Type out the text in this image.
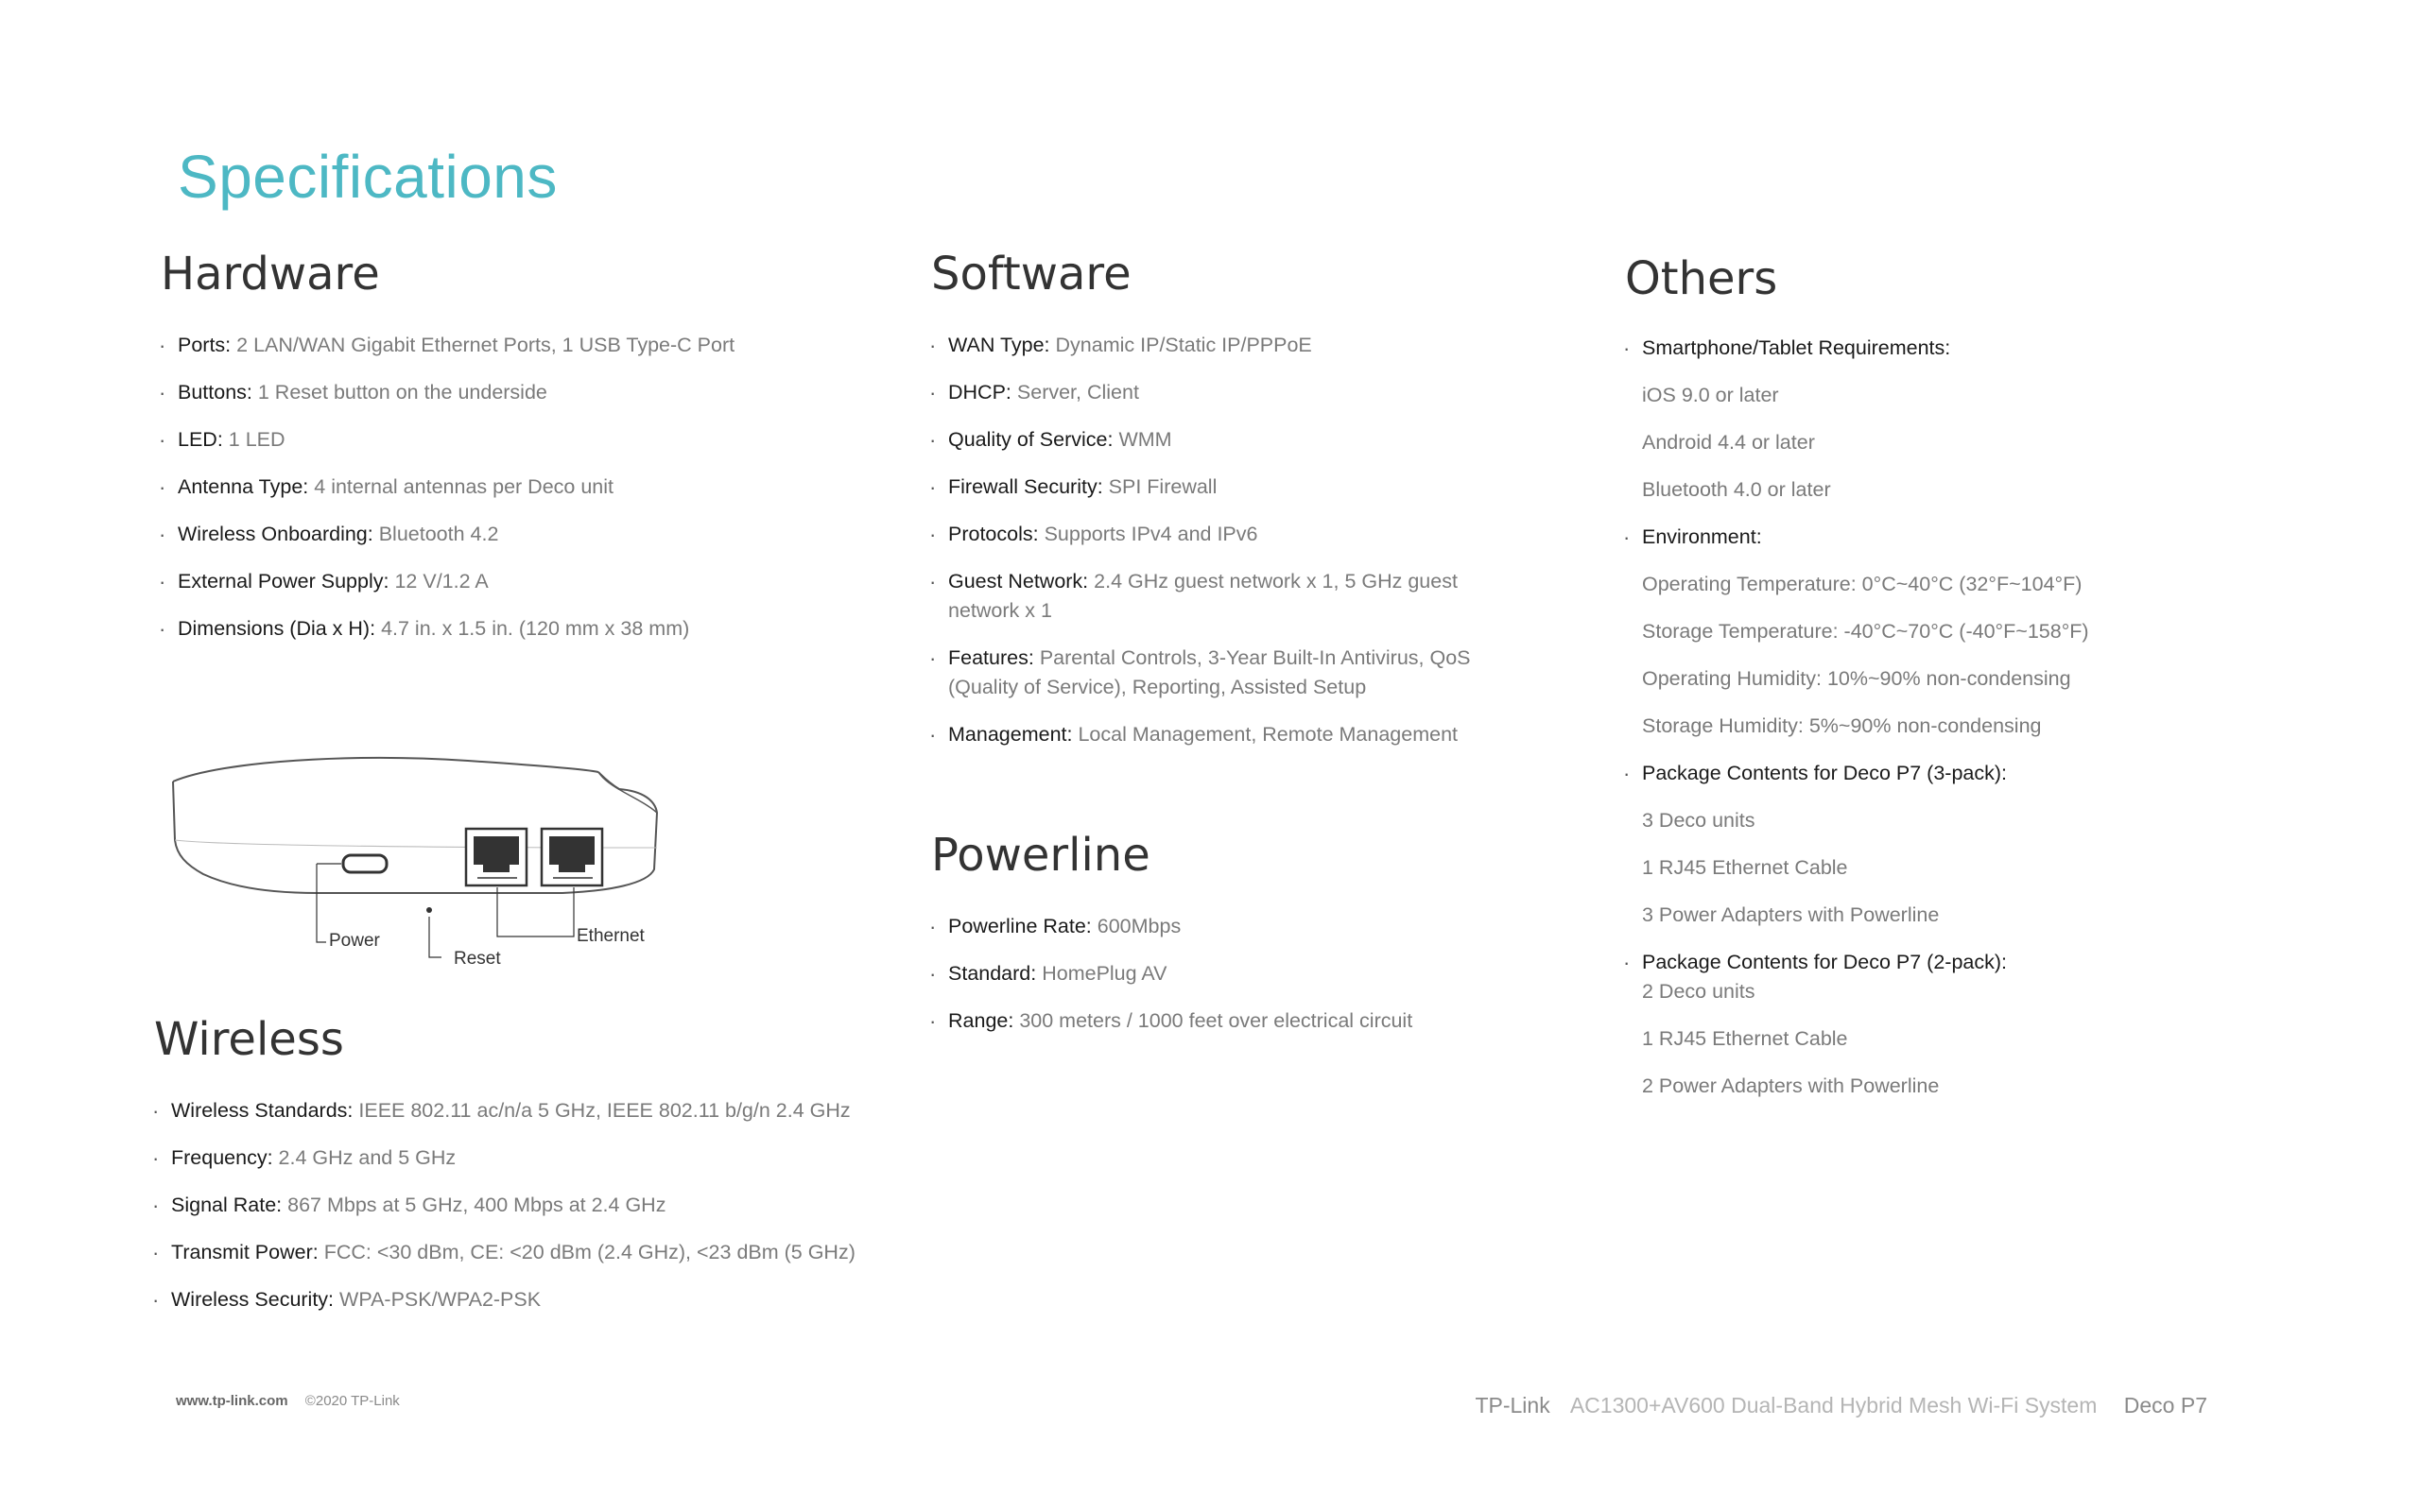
Specifications
Hardware
· Ports: 2 LAN/WAN Gigabit Ethernet Ports, 1 USB Type-C Port
· Buttons: 1 Reset button on the underside
· LED: 1 LED
· Antenna Type: 4 internal antennas per Deco unit
· Wireless Onboarding: Bluetooth 4.2
· External Power Supply: 12 V/1.2 A
· Dimensions (Dia x H): 4.7 in. x 1.5 in. (120 mm x 38 mm)
Power
Reset
Ethernet
Wireless
· Wireless Standards: IEEE 802.11 ac/n/a 5 GHz, IEEE 802.11 b/g/n 2.4 GHz
· Frequency: 2.4 GHz and 5 GHz
· Signal Rate: 867 Mbps at 5 GHz, 400 Mbps at 2.4 GHz
· Transmit Power: FCC: <30 dBm, CE: <20 dBm (2.4 GHz), <23 dBm (5 GHz)
· Wireless Security: WPA-PSK/WPA2-PSK
Software
· WAN Type: Dynamic IP/Static IP/PPPoE
· DHCP: Server, Client
· Quality of Service: WMM
· Firewall Security: SPI Firewall
· Protocols: Supports IPv4 and IPv6
· Guest Network: 2.4 GHz guest network x 1, 5 GHz guest network x 1
· Features: Parental Controls, 3-Year Built-In Antivirus, QoS (Quality of Service), Reporting, Assisted Setup
· Management: Local Management, Remote Management
Powerline
· Powerline Rate: 600Mbps
· Standard: HomePlug AV
· Range: 300 meters / 1000 feet over electrical circuit
Others
· Smartphone/Tablet Requirements:
iOS 9.0 or later
Android 4.4 or later
Bluetooth 4.0 or later
· Environment:
Operating Temperature: 0°C~40°C (32°F~104°F)
Storage Temperature: -40°C~70°C (-40°F~158°F)
Operating Humidity: 10%~90% non-condensing
Storage Humidity: 5%~90% non-condensing
· Package Contents for Deco P7 (3-pack):
3 Deco units
1 RJ45 Ethernet Cable
3 Power Adapters with Powerline
· Package Contents for Deco P7 (2-pack):
2 Deco units
1 RJ45 Ethernet Cable
2 Power Adapters with Powerline
www.tp-link.com ©2020 TP-Link	TP-Link AC1300+AV600 Dual-Band Hybrid Mesh Wi-Fi System Deco P7
